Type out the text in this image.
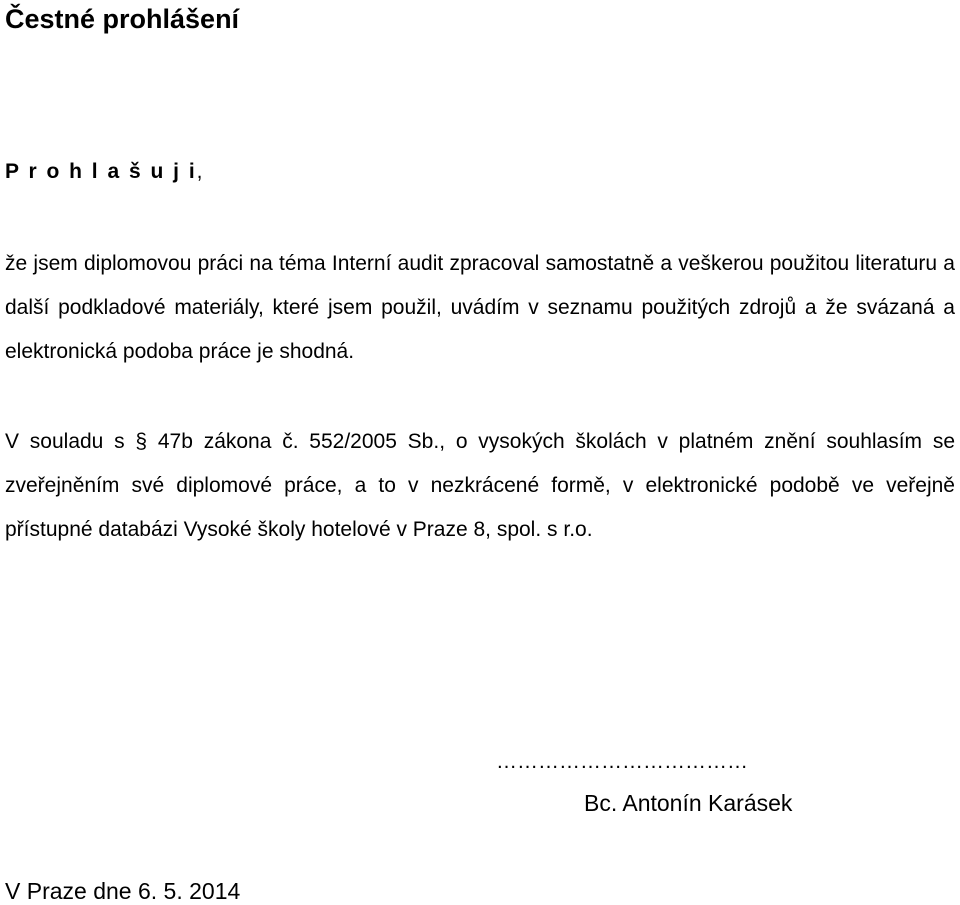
Čestné prohlášení

P r o h l a š u j i,

že jsem diplomovou práci na téma Interní audit zpracoval samostatně a veškerou použitou literaturu a další podkladové materiály, které jsem použil, uvádím v seznamu použitých zdrojů a že svázaná a elektronická podoba práce je shodná.

V souladu s § 47b zákona č. 552/2005 Sb., o vysokých školách v platném znění souhlasím se zveřejněním své diplomové práce, a to v nezkrácené formě, v elektronické podobě ve veřejně přístupné databázi Vysoké školy hotelové v Praze 8, spol. s r.o.

………………………………

Bc. Antonín Karásek

V Praze dne 6. 5. 2014
